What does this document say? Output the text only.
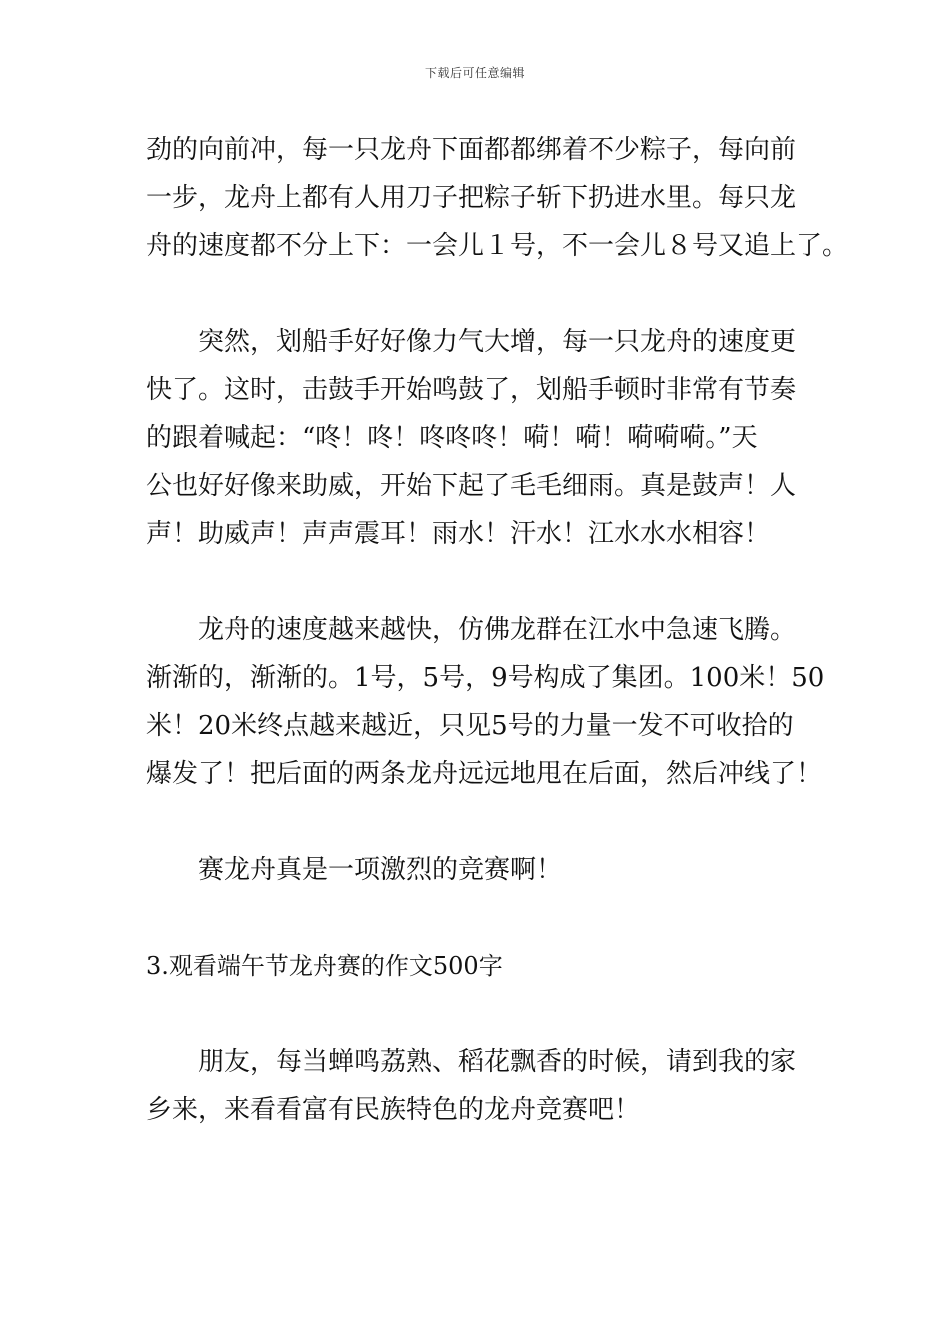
下载后可任意编辑
劲的向前冲，每一只龙舟下面都都绑着不少粽子，每向前
一步，龙舟上都有人用刀子把粽子斩下扔进水里。每只龙
舟的速度都不分上下：一会儿１号，不一会儿８号又追上了。
突然，划船手好好像力气大增，每一只龙舟的速度更
快了。这时，击鼓手开始鸣鼓了，划船手顿时非常有节奏
的跟着喊起：“咚！咚！咚咚咚！嗬！嗬！嗬嗬嗬。”天
公也好好像来助威，开始下起了毛毛细雨。真是鼓声！人
声！助威声！声声震耳！雨水！汗水！江水水水相容！
龙舟的速度越来越快，仿佛龙群在江水中急速飞腾。
渐渐的，渐渐的。1号，5号，9号构成了集团。100米！50
米！20米终点越来越近，只见5号的力量一发不可收拾的
爆发了！把后面的两条龙舟远远地甩在后面，然后冲线了！
赛龙舟真是一项激烈的竞赛啊！
3.观看端午节龙舟赛的作文500字
朋友，每当蝉鸣荔熟、稻花飘香的时候，请到我的家
乡来，来看看富有民族特色的龙舟竞赛吧！
